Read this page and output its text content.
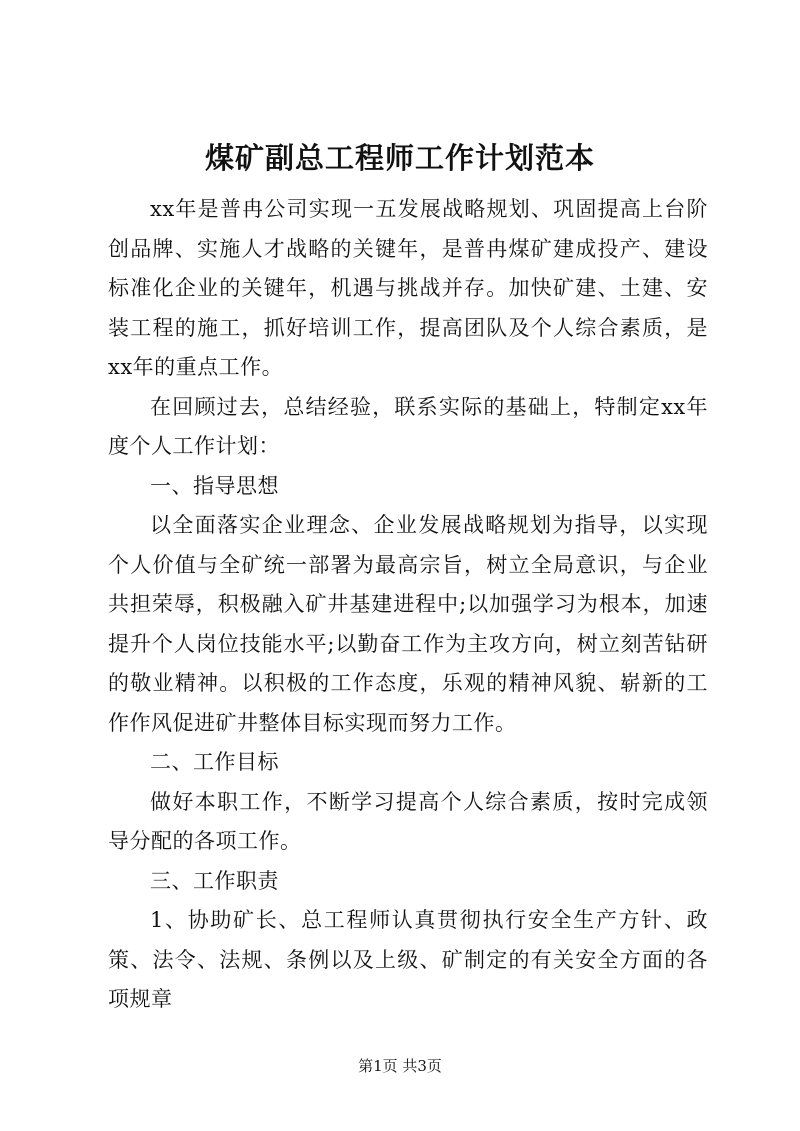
煤矿副总工程师工作计划范本

xx年是普冉公司实现一五发展战略规划、巩固提高上台阶创品牌、实施人才战略的关键年，是普冉煤矿建成投产、建设标准化企业的关键年，机遇与挑战并存。加快矿建、土建、安装工程的施工，抓好培训工作，提高团队及个人综合素质，是xx年的重点工作。

在回顾过去，总结经验，联系实际的基础上，特制定xx年度个人工作计划：

一、指导思想

以全面落实企业理念、企业发展战略规划为指导，以实现个人价值与全矿统一部署为最高宗旨，树立全局意识，与企业共担荣辱，积极融入矿井基建进程中;以加强学习为根本，加速提升个人岗位技能水平;以勤奋工作为主攻方向，树立刻苦钻研的敬业精神。以积极的工作态度，乐观的精神风貌、崭新的工作作风促进矿井整体目标实现而努力工作。

二、工作目标

做好本职工作，不断学习提高个人综合素质，按时完成领导分配的各项工作。

三、工作职责

1、协助矿长、总工程师认真贯彻执行安全生产方针、政策、法令、法规、条例以及上级、矿制定的有关安全方面的各项规章

第1页 共3页
